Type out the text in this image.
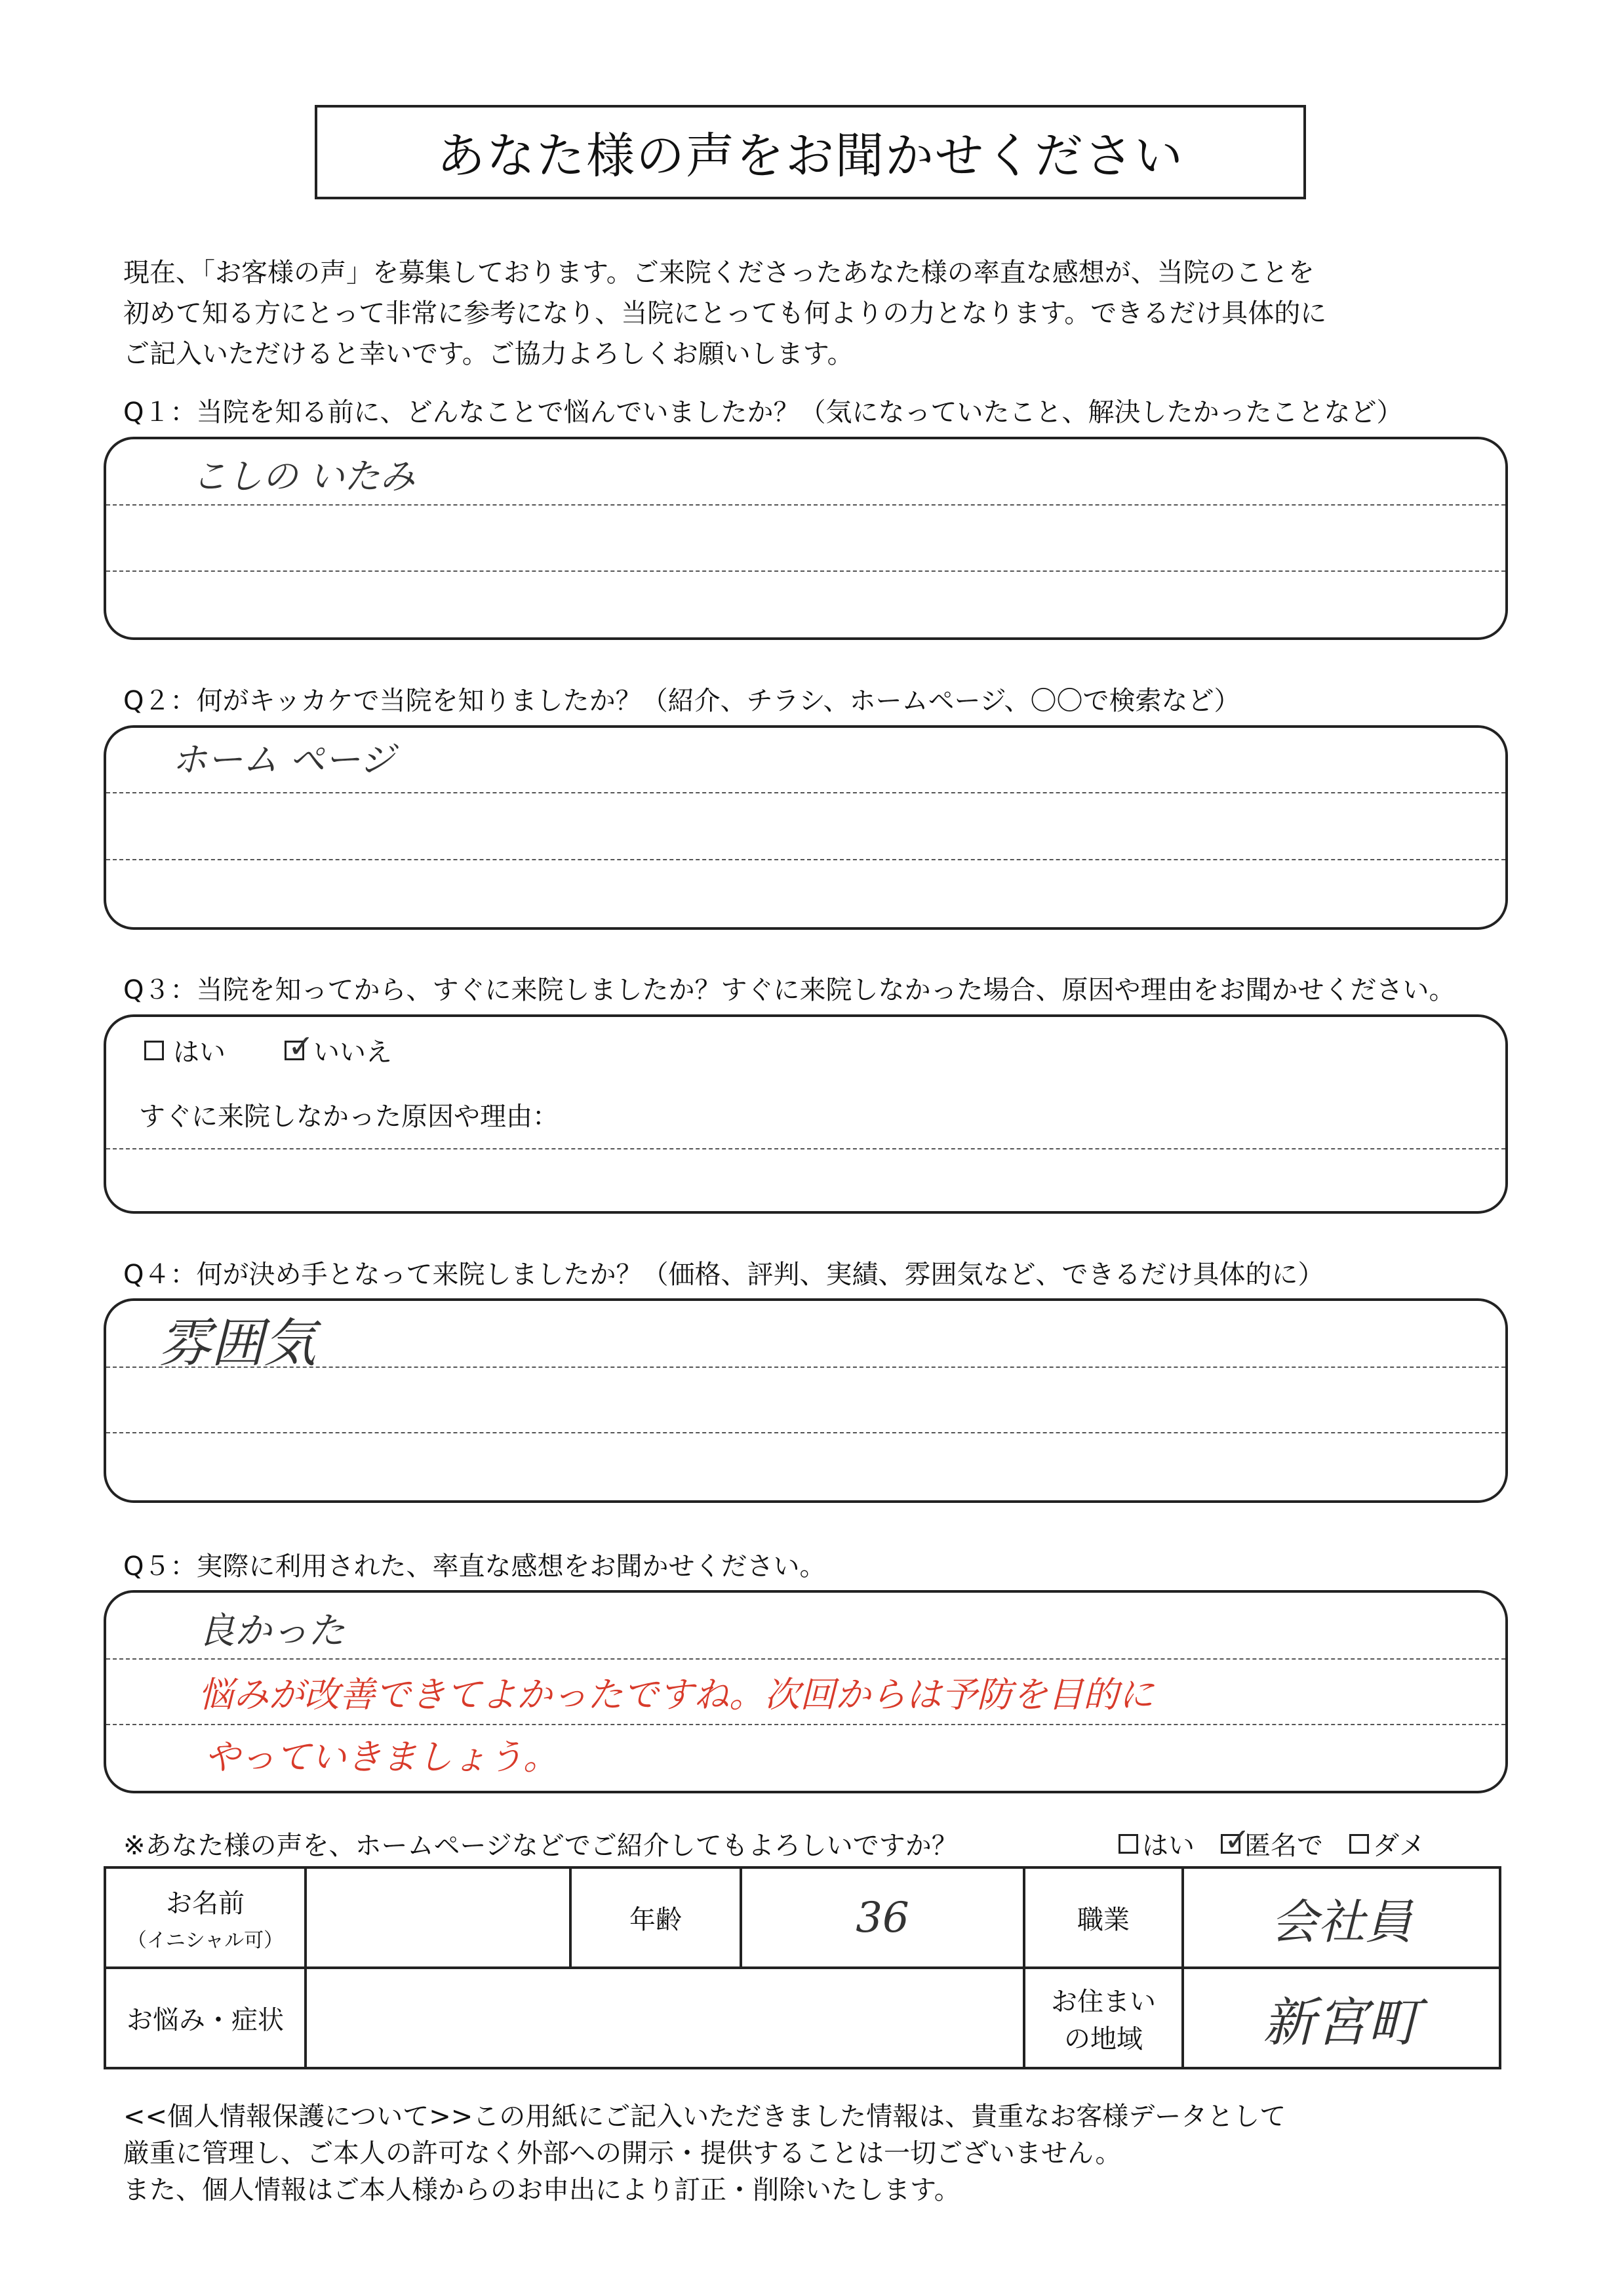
あなた様の声をお聞かせください
現在、「お客様の声」を募集しております。ご来院くださったあなた様の率直な感想が、当院のことを
初めて知る方にとって非常に参考になり、当院にとっても何よりの力となります。できるだけ具体的に
ご記入いただけると幸いです。ご協力よろしくお願いします。
Q１：当院を知る前に、どんなことで悩んでいましたか？（気になっていたこと、解決したかったことなど）
こしの いたみ
Q２：何がキッカケで当院を知りましたか？（紹介、チラシ、ホームページ、〇〇で検索など）
ホーム ページ
Q３：当院を知ってから、すぐに来院しましたか？すぐに来院しなかった場合、原因や理由をお聞かせください。
はい ✓	いいえ
すぐに来院しなかった原因や理由：
Q４：何が決め手となって来院しましたか？（価格、評判、実績、雰囲気など、できるだけ具体的に）
雰囲気
Q５：実際に利用された、率直な感想をお聞かせください。
良かった
悩みが改善できてよかったですね。次回からは予防を目的に
やっていきましょう。
※あなた様の声を、ホームページなどでご紹介してもよろしいですか？	はい ✓ 匿名で ダメ
お名前
（イニシャル可）		年齢	36	職業	会社員
お悩み・症状				お住まい
の地域	新宮町
<<個人情報保護について>>この用紙にご記入いただきました情報は、貴重なお客様データとして
厳重に管理し、ご本人の許可なく外部への開示・提供することは一切ございません。
また、個人情報はご本人様からのお申出により訂正・削除いたします。
